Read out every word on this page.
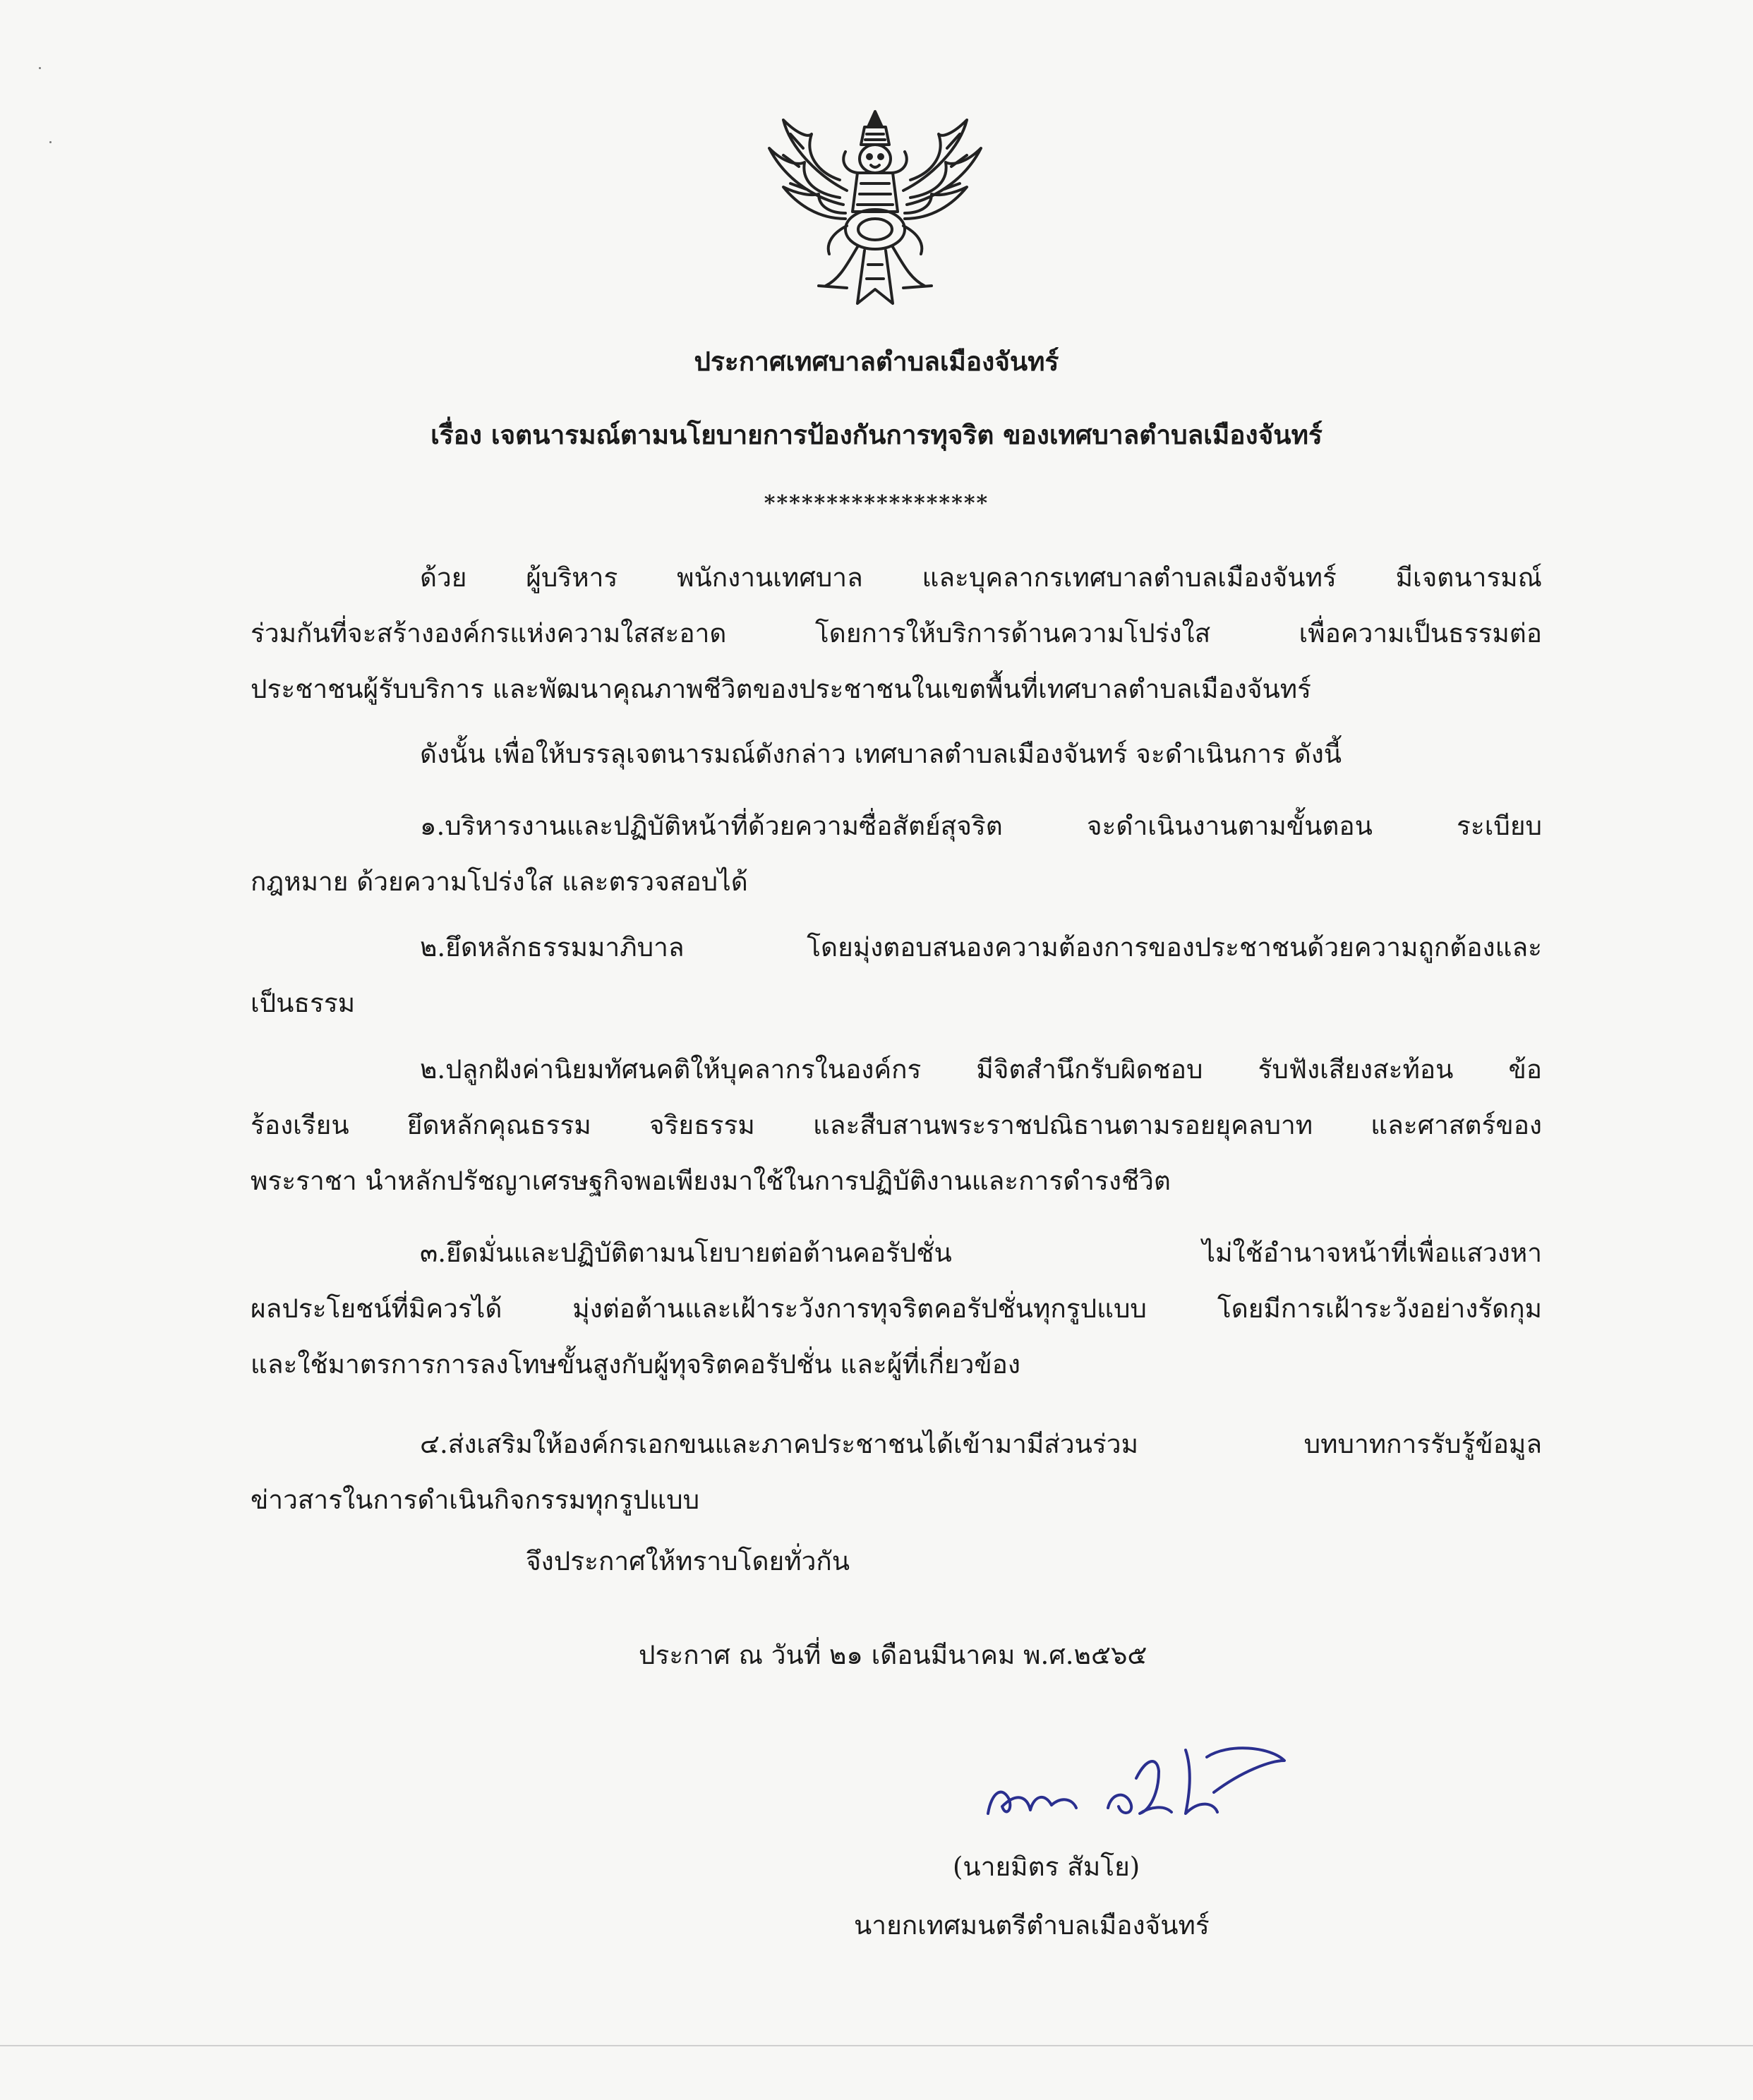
ประกาศเทศบาลตำบลเมืองจันทร์
เรื่อง เจตนารมณ์ตามนโยบายการป้องกันการทุจริต ของเทศบาลตำบลเมืองจันทร์
******************
ด้วย ผู้บริหาร พนักงานเทศบาล และบุคลากรเทศบาลตำบลเมืองจันทร์ มีเจตนารมณ์
ร่วมกันที่จะสร้างองค์กรแห่งความใสสะอาด โดยการให้บริการด้านความโปร่งใส เพื่อความเป็นธรรมต่อ
ประชาชนผู้รับบริการ และพัฒนาคุณภาพชีวิตของประชาชนในเขตพื้นที่เทศบาลตำบลเมืองจันทร์
ดังนั้น เพื่อให้บรรลุเจตนารมณ์ดังกล่าว เทศบาลตำบลเมืองจันทร์ จะดำเนินการ ดังนี้
๑.บริหารงานและปฏิบัติหน้าที่ด้วยความซื่อสัตย์สุจริต จะดำเนินงานตามขั้นตอน ระเบียบ
กฎหมาย ด้วยความโปร่งใส และตรวจสอบได้
๒.ยึดหลักธรรมมาภิบาล โดยมุ่งตอบสนองความต้องการของประชาชนด้วยความถูกต้องและ
เป็นธรรม
๒.ปลูกฝังค่านิยมทัศนคติให้บุคลากรในองค์กร มีจิตสำนึกรับผิดชอบ รับฟังเสียงสะท้อน ข้อ
ร้องเรียน ยึดหลักคุณธรรม จริยธรรม และสืบสานพระราชปณิธานตามรอยยุคลบาท และศาสตร์ของ
พระราชา นำหลักปรัชญาเศรษฐกิจพอเพียงมาใช้ในการปฏิบัติงานและการดำรงชีวิต
๓.ยึดมั่นและปฏิบัติตามนโยบายต่อต้านคอรัปชั่น ไม่ใช้อำนาจหน้าที่เพื่อแสวงหา
ผลประโยชน์ที่มิควรได้ มุ่งต่อต้านและเฝ้าระวังการทุจริตคอรัปชั่นทุกรูปแบบ โดยมีการเฝ้าระวังอย่างรัดกุม
และใช้มาตรการการลงโทษขั้นสูงกับผู้ทุจริตคอรัปชั่น และผู้ที่เกี่ยวข้อง
๔.ส่งเสริมให้องค์กรเอกขนและภาคประชาชนได้เข้ามามีส่วนร่วม บทบาทการรับรู้ข้อมูล
ข่าวสารในการดำเนินกิจกรรมทุกรูปแบบ
จึงประกาศให้ทราบโดยทั่วกัน
ประกาศ ณ วันที่ ๒๑ เดือนมีนาคม พ.ศ.๒๕๖๕
(นายมิตร สัมโย)
นายกเทศมนตรีตำบลเมืองจันทร์
